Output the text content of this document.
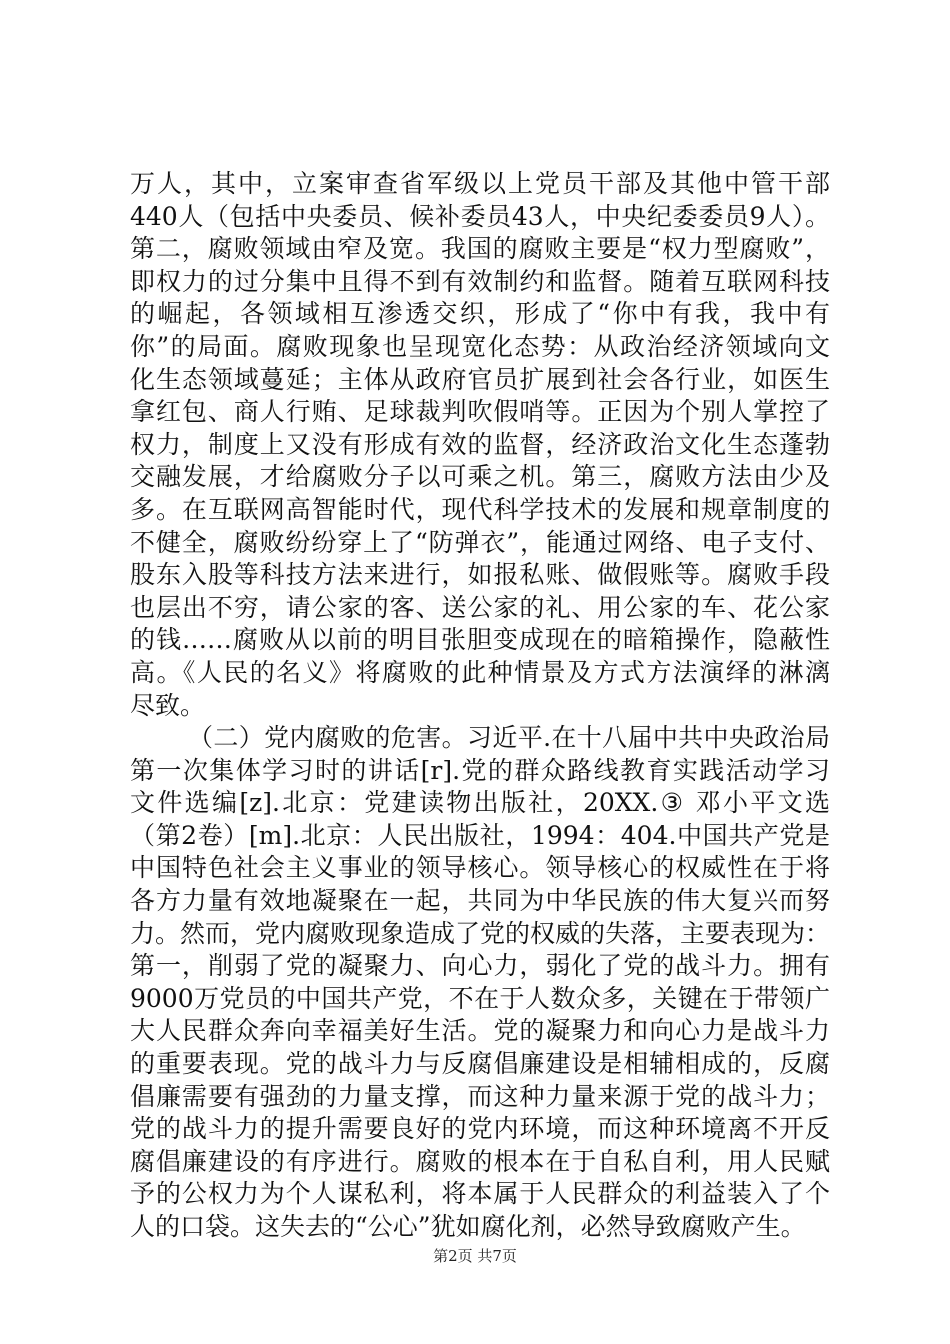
万人，其中，立案审查省军级以上党员干部及其他中管干部
440人（包括中央委员、候补委员43人，中央纪委委员9人）。
第二，腐败领域由窄及宽。我国的腐败主要是“权力型腐败”，
即权力的过分集中且得不到有效制约和监督。随着互联网科技
的崛起，各领域相互渗透交织，形成了“你中有我，我中有
你”的局面。腐败现象也呈现宽化态势：从政治经济领域向文
化生态领域蔓延；主体从政府官员扩展到社会各行业，如医生
拿红包、商人行贿、足球裁判吹假哨等。正因为个别人掌控了
权力，制度上又没有形成有效的监督，经济政治文化生态蓬勃
交融发展，才给腐败分子以可乘之机。第三，腐败方法由少及
多。在互联网高智能时代，现代科学技术的发展和规章制度的
不健全，腐败纷纷穿上了“防弹衣”，能通过网络、电子支付、
股东入股等科技方法来进行，如报私账、做假账等。腐败手段
也层出不穷，请公家的客、送公家的礼、用公家的车、花公家
的钱……腐败从以前的明目张胆变成现在的暗箱操作，隐蔽性
高。《人民的名义》将腐败的此种情景及方式方法演绎的淋漓
尽致。
（二）党内腐败的危害。习近平.在十八届中共中央政治局
第一次集体学习时的讲话[r].党的群众路线教育实践活动学习
文件选编[z].北京：党建读物出版社，20XX.③ 邓小平文选
（第2卷）[m].北京：人民出版社，1994：404.中国共产党是
中国特色社会主义事业的领导核心。领导核心的权威性在于将
各方力量有效地凝聚在一起，共同为中华民族的伟大复兴而努
力。然而，党内腐败现象造成了党的权威的失落，主要表现为：
第一，削弱了党的凝聚力、向心力，弱化了党的战斗力。拥有
9000万党员的中国共产党，不在于人数众多，关键在于带领广
大人民群众奔向幸福美好生活。党的凝聚力和向心力是战斗力
的重要表现。党的战斗力与反腐倡廉建设是相辅相成的，反腐
倡廉需要有强劲的力量支撑，而这种力量来源于党的战斗力；
党的战斗力的提升需要良好的党内环境，而这种环境离不开反
腐倡廉建设的有序进行。腐败的根本在于自私自利，用人民赋
予的公权力为个人谋私利，将本属于人民群众的利益装入了个
人的口袋。这失去的“公心”犹如腐化剂，必然导致腐败产生。
第2页 共7页
